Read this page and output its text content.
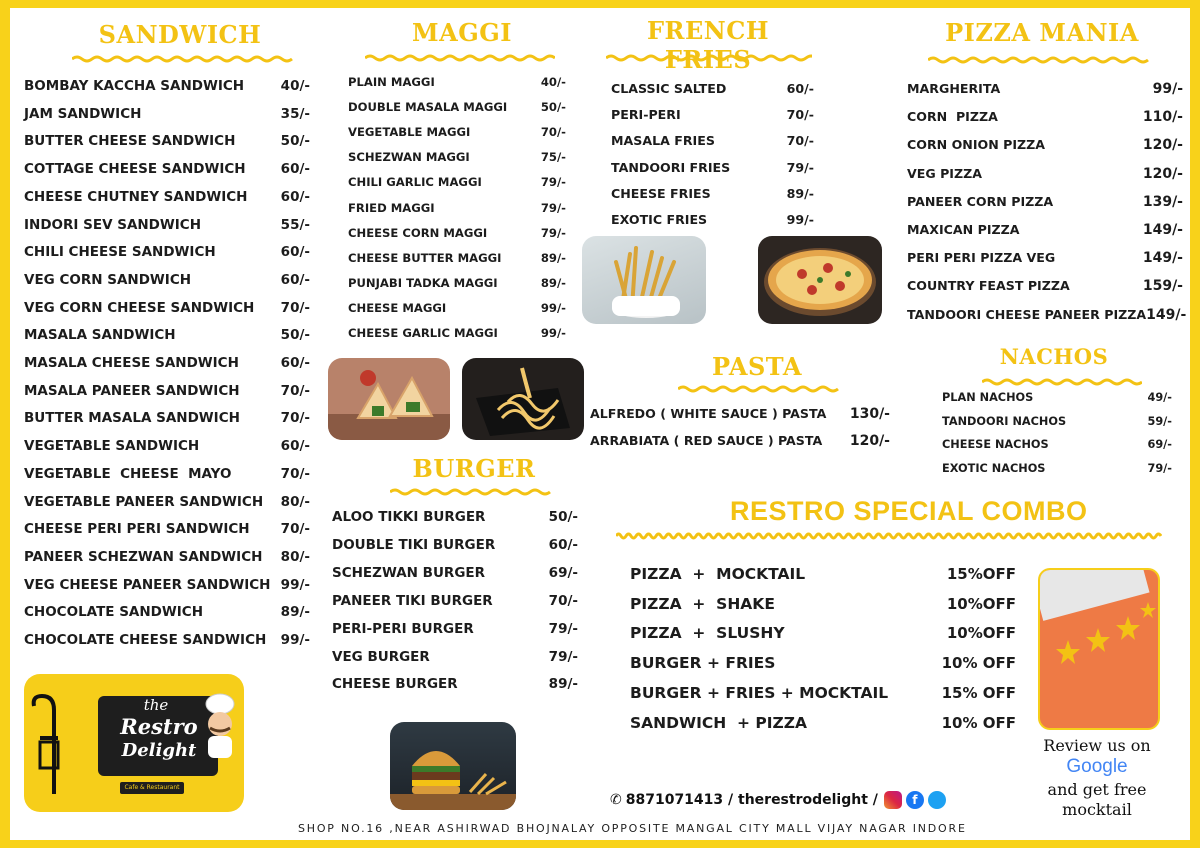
SANDWICH
BOMBAY KACCHA SANDWICH	40/-
JAM SANDWICH	35/-
BUTTER CHEESE SANDWICH	50/-
COTTAGE CHEESE SANDWICH	60/-
CHEESE CHUTNEY SANDWICH 60/-
INDORI SEV SANDWICH	55/-
CHILI CHEESE SANDWICH	60/-
VEG CORN SANDWICH	60/-
VEG CORN CHEESE SANDWICH 70/-
MASALA SANDWICH	50/-
MASALA CHEESE SANDWICH	60/-
MASALA PANEER SANDWICH	70/-
BUTTER MASALA SANDWICH	70/-
VEGETABLE SANDWICH	60/-
VEGETABLE  CHEESE  MAYO	70/-
VEGETABLE PANEER SANDWICH 80/-
CHEESE PERI PERI SANDWICH 70/-
PANEER SCHEZWAN SANDWICH 80/-
VEG CHEESE PANEER SANDWICH 99/-
CHOCOLATE SANDWICH	89/-
CHOCOLATE CHEESE SANDWICH 99/-
MAGGI
PLAIN MAGGI	40/-
DOUBLE MASALA MAGGI	50/-
VEGETABLE MAGGI	70/-
SCHEZWAN MAGGI	75/-
CHILI GARLIC MAGGI	79/-
FRIED MAGGI	79/-
CHEESE CORN MAGGI	79/-
CHEESE BUTTER MAGGI	89/-
PUNJABI TADKA MAGGI	89/-
CHEESE MAGGI	99/-
CHEESE GARLIC MAGGI	99/-
FRENCH FRIES
CLASSIC SALTED	60/-
PERI-PERI	70/-
MASALA FRIES	70/-
TANDOORI FRIES	79/-
CHEESE FRIES	89/-
EXOTIC FRIES	99/-
PIZZA MANIA
MARGHERITA	99/-
CORN  PIZZA	110/-
CORN ONION PIZZA	120/-
VEG PIZZA	120/-
PANEER CORN PIZZA	139/-
MAXICAN PIZZA	149/-
PERI PERI PIZZA VEG	149/-
COUNTRY FEAST PIZZA	159/-
TANDOORI CHEESE PANEER PIZZA 149/-
PASTA
ALFREDO ( WHITE SAUCE ) PASTA 130/-
ARRABIATA ( RED SAUCE ) PASTA 120/-
NACHOS
PLAN NACHOS	49/-
TANDOORI NACHOS	59/-
CHEESE NACHOS	69/-
EXOTIC NACHOS	79/-
BURGER
ALOO TIKKI BURGER	50/-
DOUBLE TIKI BURGER	60/-
SCHEZWAN BURGER	69/-
PANEER TIKI BURGER	70/-
PERI-PERI BURGER	79/-
VEG BURGER	79/-
CHEESE BURGER	89/-
the
Restro
Delight
Cafe & Restaurant
RESTRO SPECIAL COMBO
PIZZA  +  MOCKTAIL	15%OFF
PIZZA  +  SHAKE	10%OFF
PIZZA  +  SLUSHY	10%OFF
BURGER + FRIES	10% OFF
BURGER + FRIES + MOCKTAIL	15% OFF
SANDWICH  + PIZZA	10% OFF
Review us on
Google
and get free
mocktail
✆ 8871071413 / therestrodelight /	f
SHOP NO.16 ,NEAR ASHIRWAD BHOJNALAY OPPOSITE MANGAL CITY MALL VIJAY NAGAR INDORE
